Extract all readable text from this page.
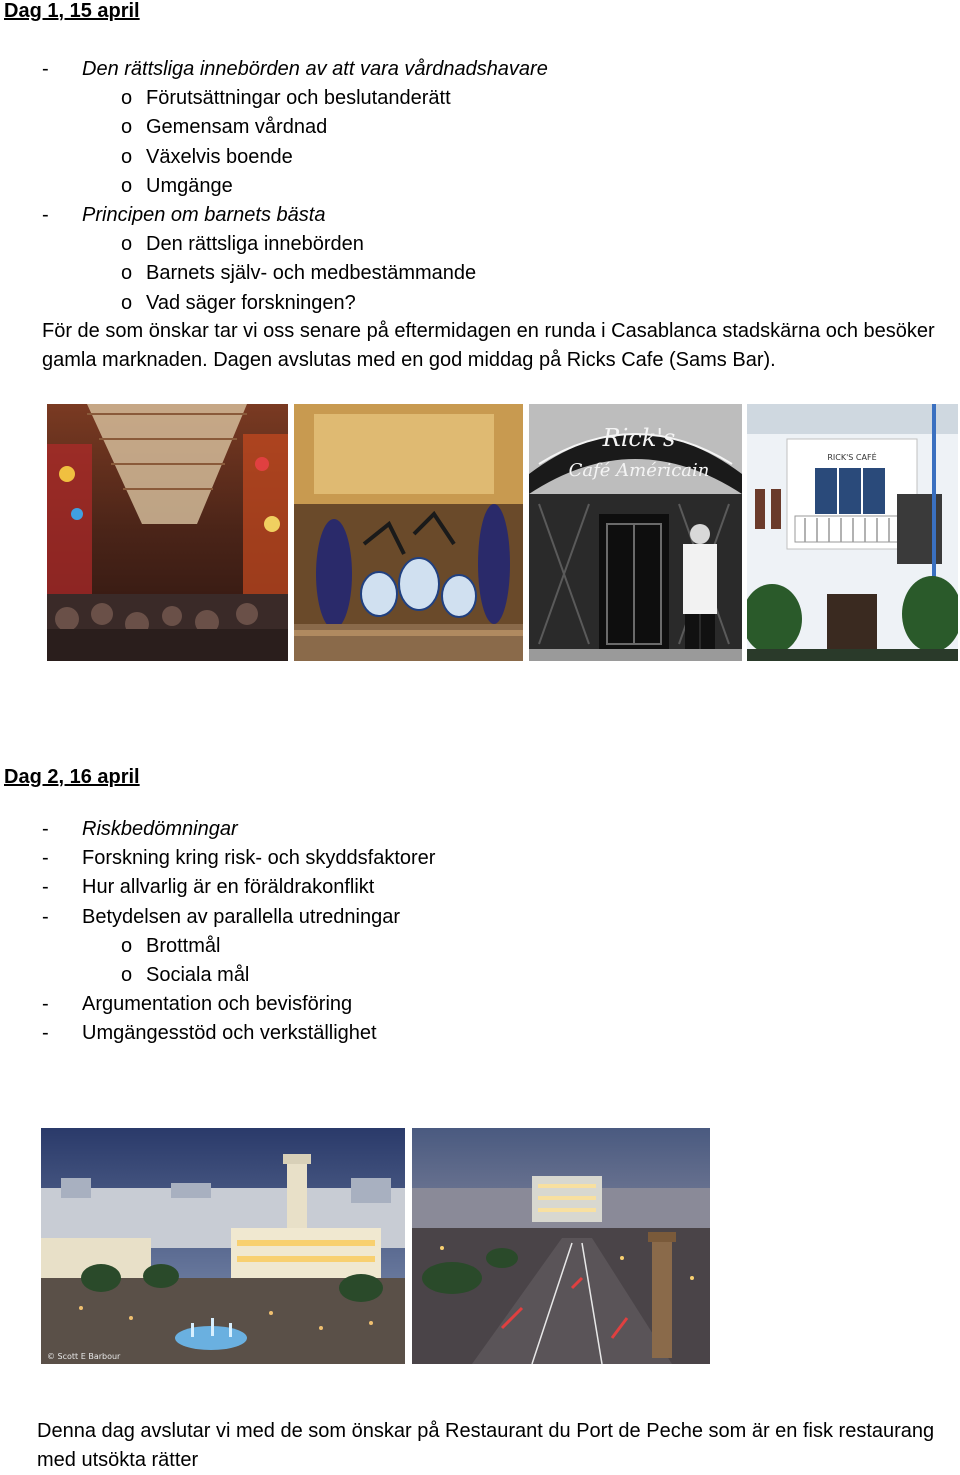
Dag 1, 15 april
- Den rättsliga innebörden av att vara vårdnadshavare
o Förutsättningar och beslutanderätt
o Gemensam vårdnad
o Växelvis boende
o Umgänge
- Principen om barnets bästa
o Den rättsliga innebörden
o Barnets själv- och medbestämmande
o Vad säger forskningen?
För de som önskar tar vi oss senare på eftermidagen en runda i Casablanca stadskärna och besöker gamla marknaden. Dagen avslutas med en god middag på Ricks Cafe (Sams Bar).
Rick's
Café Américain
RICK'S CAFÉ
Dag 2, 16 april
- Riskbedömningar
- Forskning kring risk- och skyddsfaktorer
- Hur allvarlig är en föräldrakonflikt
- Betydelsen av parallella utredningar
o Brottmål
o Sociala mål
- Argumentation och bevisföring
- Umgängesstöd och verkställighet
© Scott E Barbour
Denna dag avslutar vi med de som önskar på Restaurant du Port de Peche som är en fisk restaurang med utsökta rätter
